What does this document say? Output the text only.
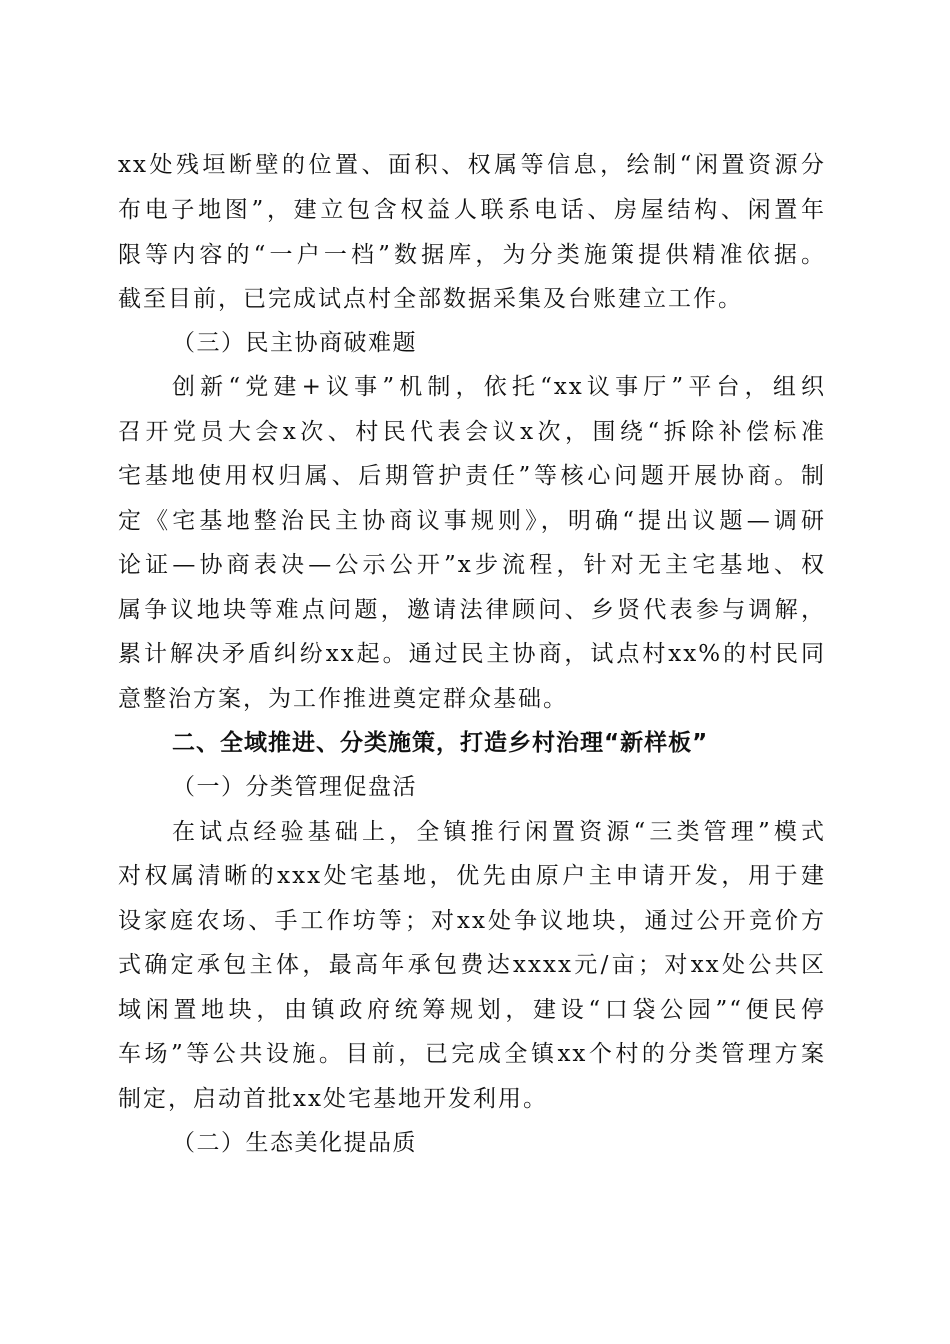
xx处残垣断壁的位置、面积、权属等信息，绘制“闲置资源分
布电子地图”，建立包含权益人联系电话、房屋结构、闲置年
限等内容的“一户一档”数据库，为分类施策提供精准依据。
截至目前，已完成试点村全部数据采集及台账建立工作。
（三）民主协商破难题
创新“党建+议事”机制，依托“xx议事厅”平台，组织
召开党员大会x次、村民代表会议x次，围绕“拆除补偿标准
宅基地使用权归属、后期管护责任”等核心问题开展协商。制
定《宅基地整治民主协商议事规则》，明确“提出议题—调研
论证—协商表决—公示公开”x步流程，针对无主宅基地、权
属争议地块等难点问题，邀请法律顾问、乡贤代表参与调解，
累计解决矛盾纠纷xx起。通过民主协商，试点村xx%的村民同
意整治方案，为工作推进奠定群众基础。
二、全域推进、分类施策，打造乡村治理“新样板”
（一）分类管理促盘活
在试点经验基础上，全镇推行闲置资源“三类管理”模式
对权属清晰的xxx处宅基地，优先由原户主申请开发，用于建
设家庭农场、手工作坊等；对xx处争议地块，通过公开竞价方
式确定承包主体，最高年承包费达xxxx元/亩；对xx处公共区
域闲置地块，由镇政府统筹规划，建设“口袋公园”“便民停
车场”等公共设施。目前，已完成全镇xx个村的分类管理方案
制定，启动首批xx处宅基地开发利用。
（二）生态美化提品质
